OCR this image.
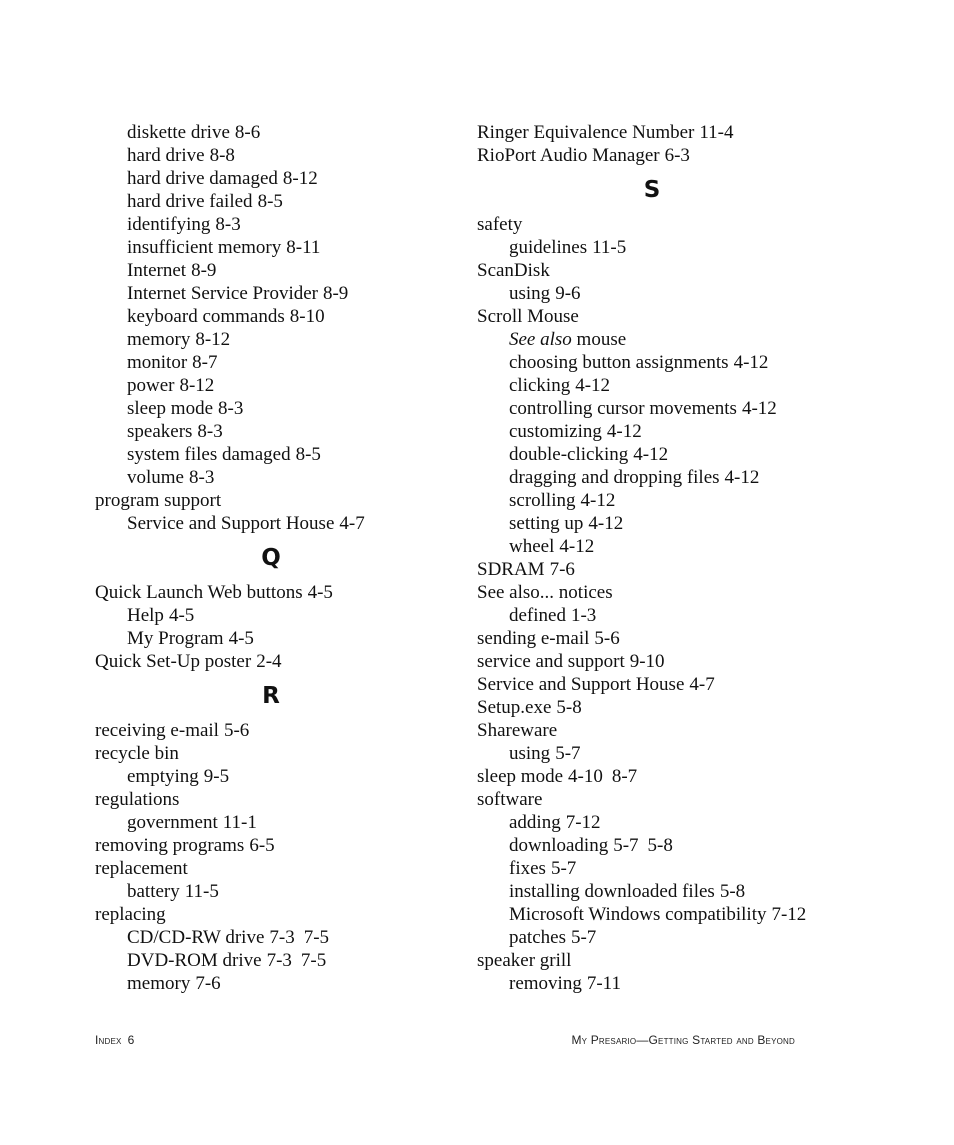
diskette drive 8-6
hard drive 8-8
hard drive damaged 8-12
hard drive failed 8-5
identifying 8-3
insufficient memory 8-11
Internet 8-9
Internet Service Provider 8-9
keyboard commands 8-10
memory 8-12
monitor 8-7
power 8-12
sleep mode 8-3
speakers 8-3
system files damaged 8-5
volume 8-3
program support
Service and Support House 4-7
Q
Quick Launch Web buttons 4-5
Help 4-5
My Program 4-5
Quick Set-Up poster 2-4
R
receiving e-mail 5-6
recycle bin
emptying 9-5
regulations
government 11-1
removing programs 6-5
replacement
battery 11-5
replacing
CD/CD-RW drive 7-3 7-5
DVD-ROM drive 7-3 7-5
memory 7-6
Ringer Equivalence Number 11-4
RioPort Audio Manager 6-3
S
safety
guidelines 11-5
ScanDisk
using 9-6
Scroll Mouse
See also mouse
choosing button assignments 4-12
clicking 4-12
controlling cursor movements 4-12
customizing 4-12
double-clicking 4-12
dragging and dropping files 4-12
scrolling 4-12
setting up 4-12
wheel 4-12
SDRAM 7-6
See also... notices
defined 1-3
sending e-mail 5-6
service and support 9-10
Service and Support House 4-7
Setup.exe 5-8
Shareware
using 5-7
sleep mode 4-10 8-7
software
adding 7-12
downloading 5-7 5-8
fixes 5-7
installing downloaded files 5-8
Microsoft Windows compatibility 7-12
patches 5-7
speaker grill
removing 7-11
Index 6	My Presario—Getting Started and Beyond
